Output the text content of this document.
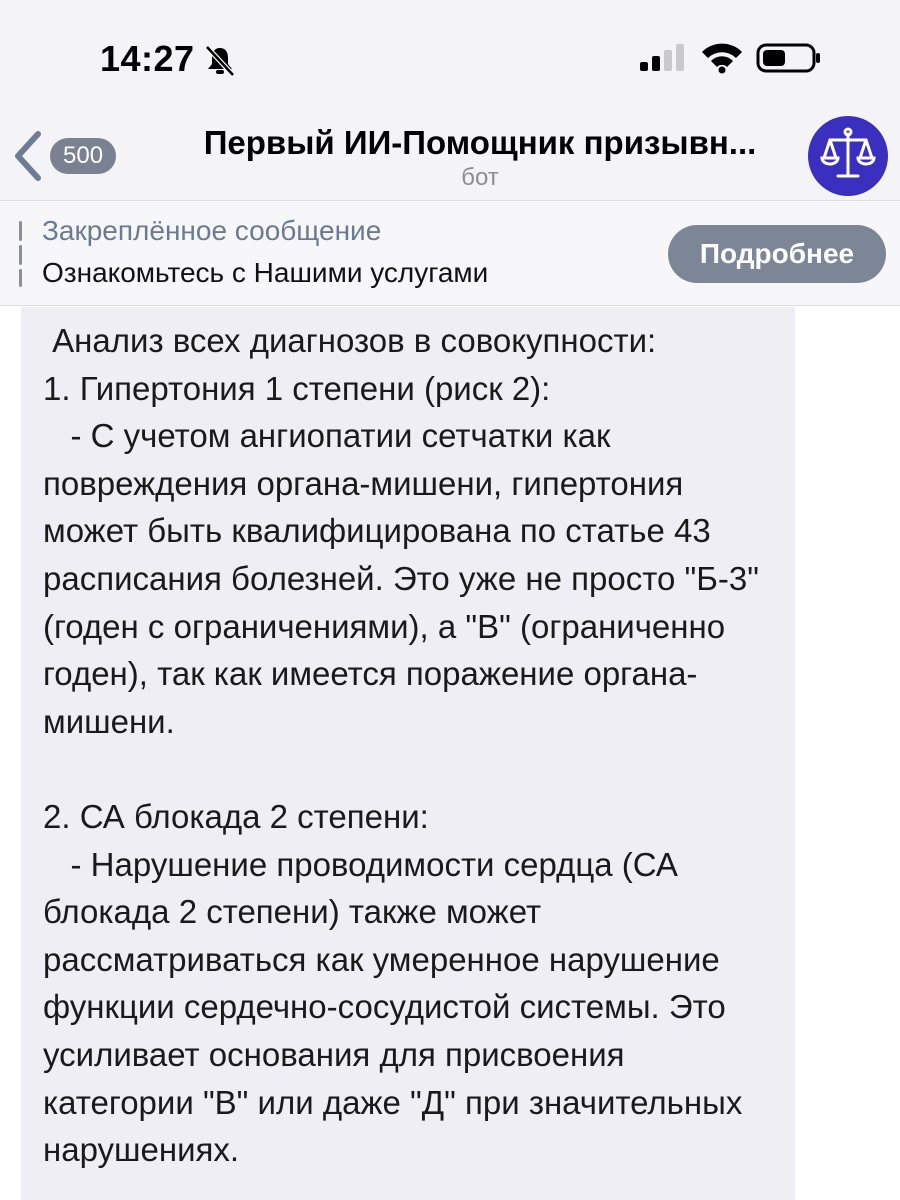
14:27
500	Первый ИИ-Помощник призывн...
бот
Закреплённое сообщение
Ознакомьтесь с Нашими услугами
Подробнее
Анализ всех диагнозов в совокупности:
1. Гипертония 1 степени (риск 2):
- С учетом ангиопатии сетчатки как повреждения органа-мишени, гипертония может быть квалифицирована по статье 43 расписания болезней. Это уже не просто "Б-3" (годен с ограничениями), а "В" (ограниченно годен), так как имеется поражение органа-мишени.

2. СА блокада 2 степени:
- Нарушение проводимости сердца (СА блокада 2 степени) также может рассматриваться как умеренное нарушение функции сердечно-сосудистой системы. Это усиливает основания для присвоения категории "В" или даже "Д" при значительных нарушениях.
